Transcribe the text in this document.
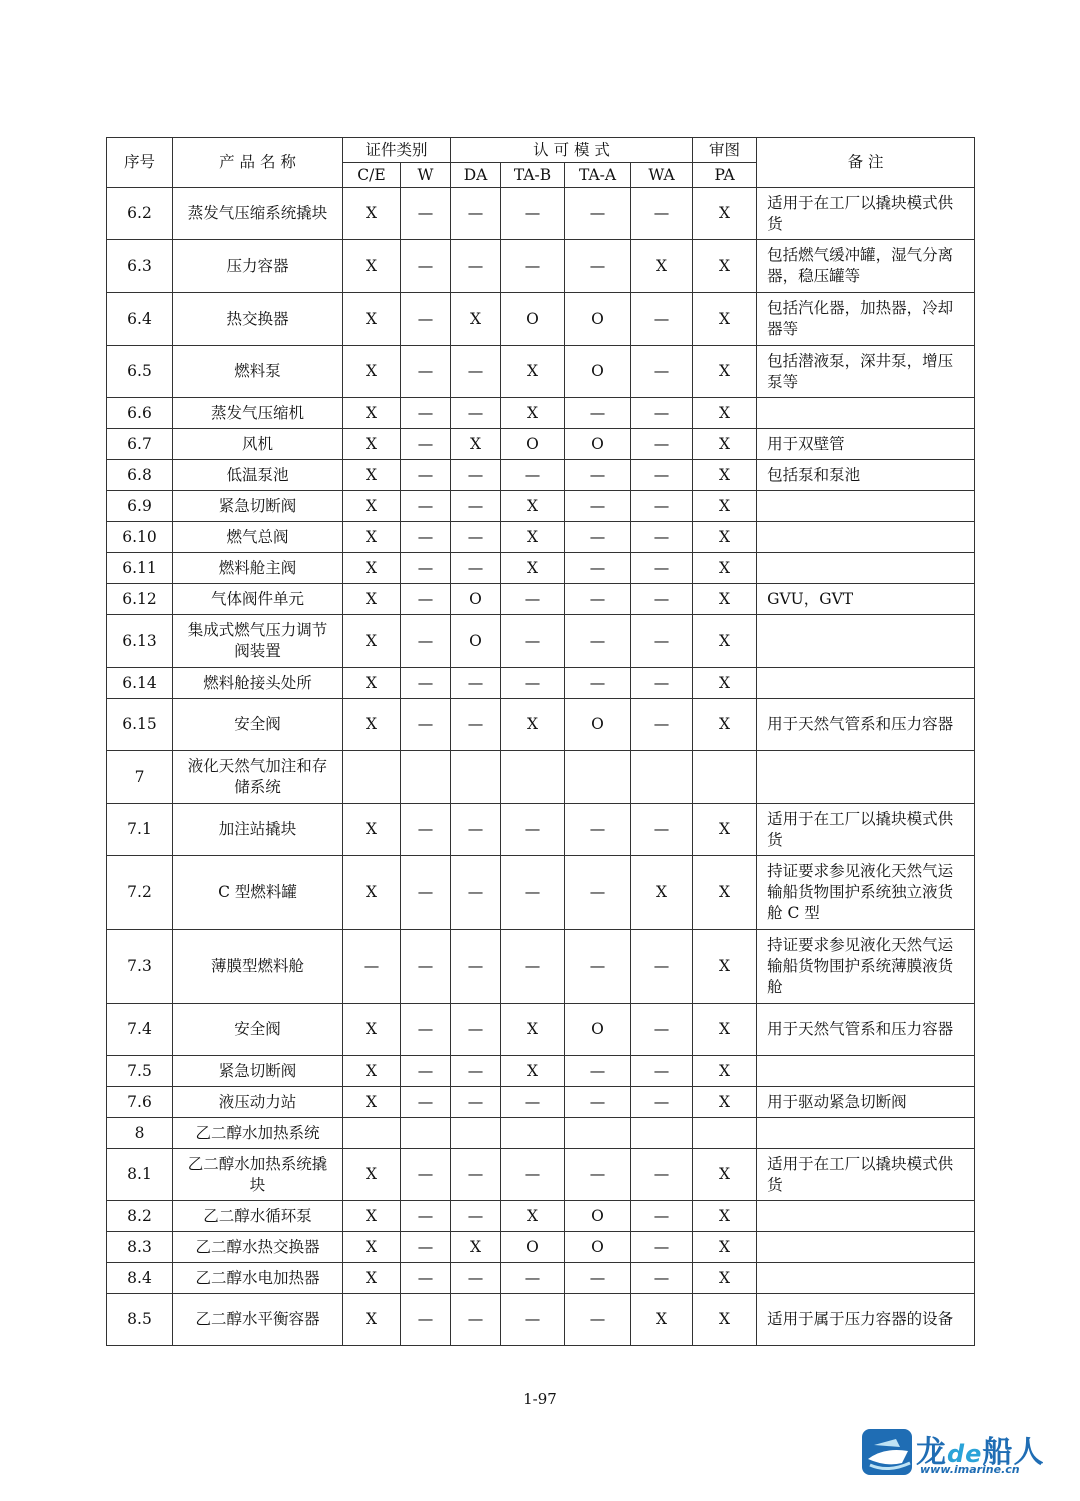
序号	产 品 名 称	证件类别		认 可 模 式				审图	备 注
		C/E	W	DA	TA-B	TA-A	WA	PA	
6.2	蒸发气压缩系统撬块	X	—	—	—	—	—	X	适用于在工厂以撬块模式供货
6.3	压力容器	X	—	—	—	—	X	X	包括燃气缓冲罐，湿气分离器，稳压罐等
6.4	热交换器	X	—	X	O	O	—	X	包括汽化器，加热器，冷却器等
6.5	燃料泵	X	—	—	X	O	—	X	包括潜液泵，深井泵，增压泵等
6.6	蒸发气压缩机	X	—	—	X	—	—	X	
6.7	风机	X	—	X	O	O	—	X	用于双壁管
6.8	低温泵池	X	—	—	—	—	—	X	包括泵和泵池
6.9	紧急切断阀	X	—	—	X	—	—	X	
6.10	燃气总阀	X	—	—	X	—	—	X	
6.11	燃料舱主阀	X	—	—	X	—	—	X	
6.12	气体阀件单元	X	—	O	—	—	—	X	GVU，GVT
6.13	集成式燃气压力调节阀装置	X	—	O	—	—	—	X	
6.14	燃料舱接头处所	X	—	—	—	—	—	X	
6.15	安全阀	X	—	—	X	O	—	X	用于天然气管系和压力容器
7	液化天然气加注和存储系统								
7.1	加注站撬块	X	—	—	—	—	—	X	适用于在工厂以撬块模式供货
7.2	C 型燃料罐	X	—	—	—	—	X	X	持证要求参见液化天然气运输船货物围护系统独立液货舱 C 型
7.3	薄膜型燃料舱	—	—	—	—	—	—	X	持证要求参见液化天然气运输船货物围护系统薄膜液货舱
7.4	安全阀	X	—	—	X	O	—	X	用于天然气管系和压力容器
7.5	紧急切断阀	X	—	—	X	—	—	X	
7.6	液压动力站	X	—	—	—	—	—	X	用于驱动紧急切断阀
8	乙二醇水加热系统								
8.1	乙二醇水加热系统撬块	X	—	—	—	—	—	X	适用于在工厂以撬块模式供货
8.2	乙二醇水循环泵	X	—	—	X	O	—	X	
8.3	乙二醇水热交换器	X	—	X	O	O	—	X	
8.4	乙二醇水电加热器	X	—	—	—	—	—	X	
8.5	乙二醇水平衡容器	X	—	—	—	—	X	X	适用于属于压力容器的设备
1-97
龙de船人
www.imarine.cn
